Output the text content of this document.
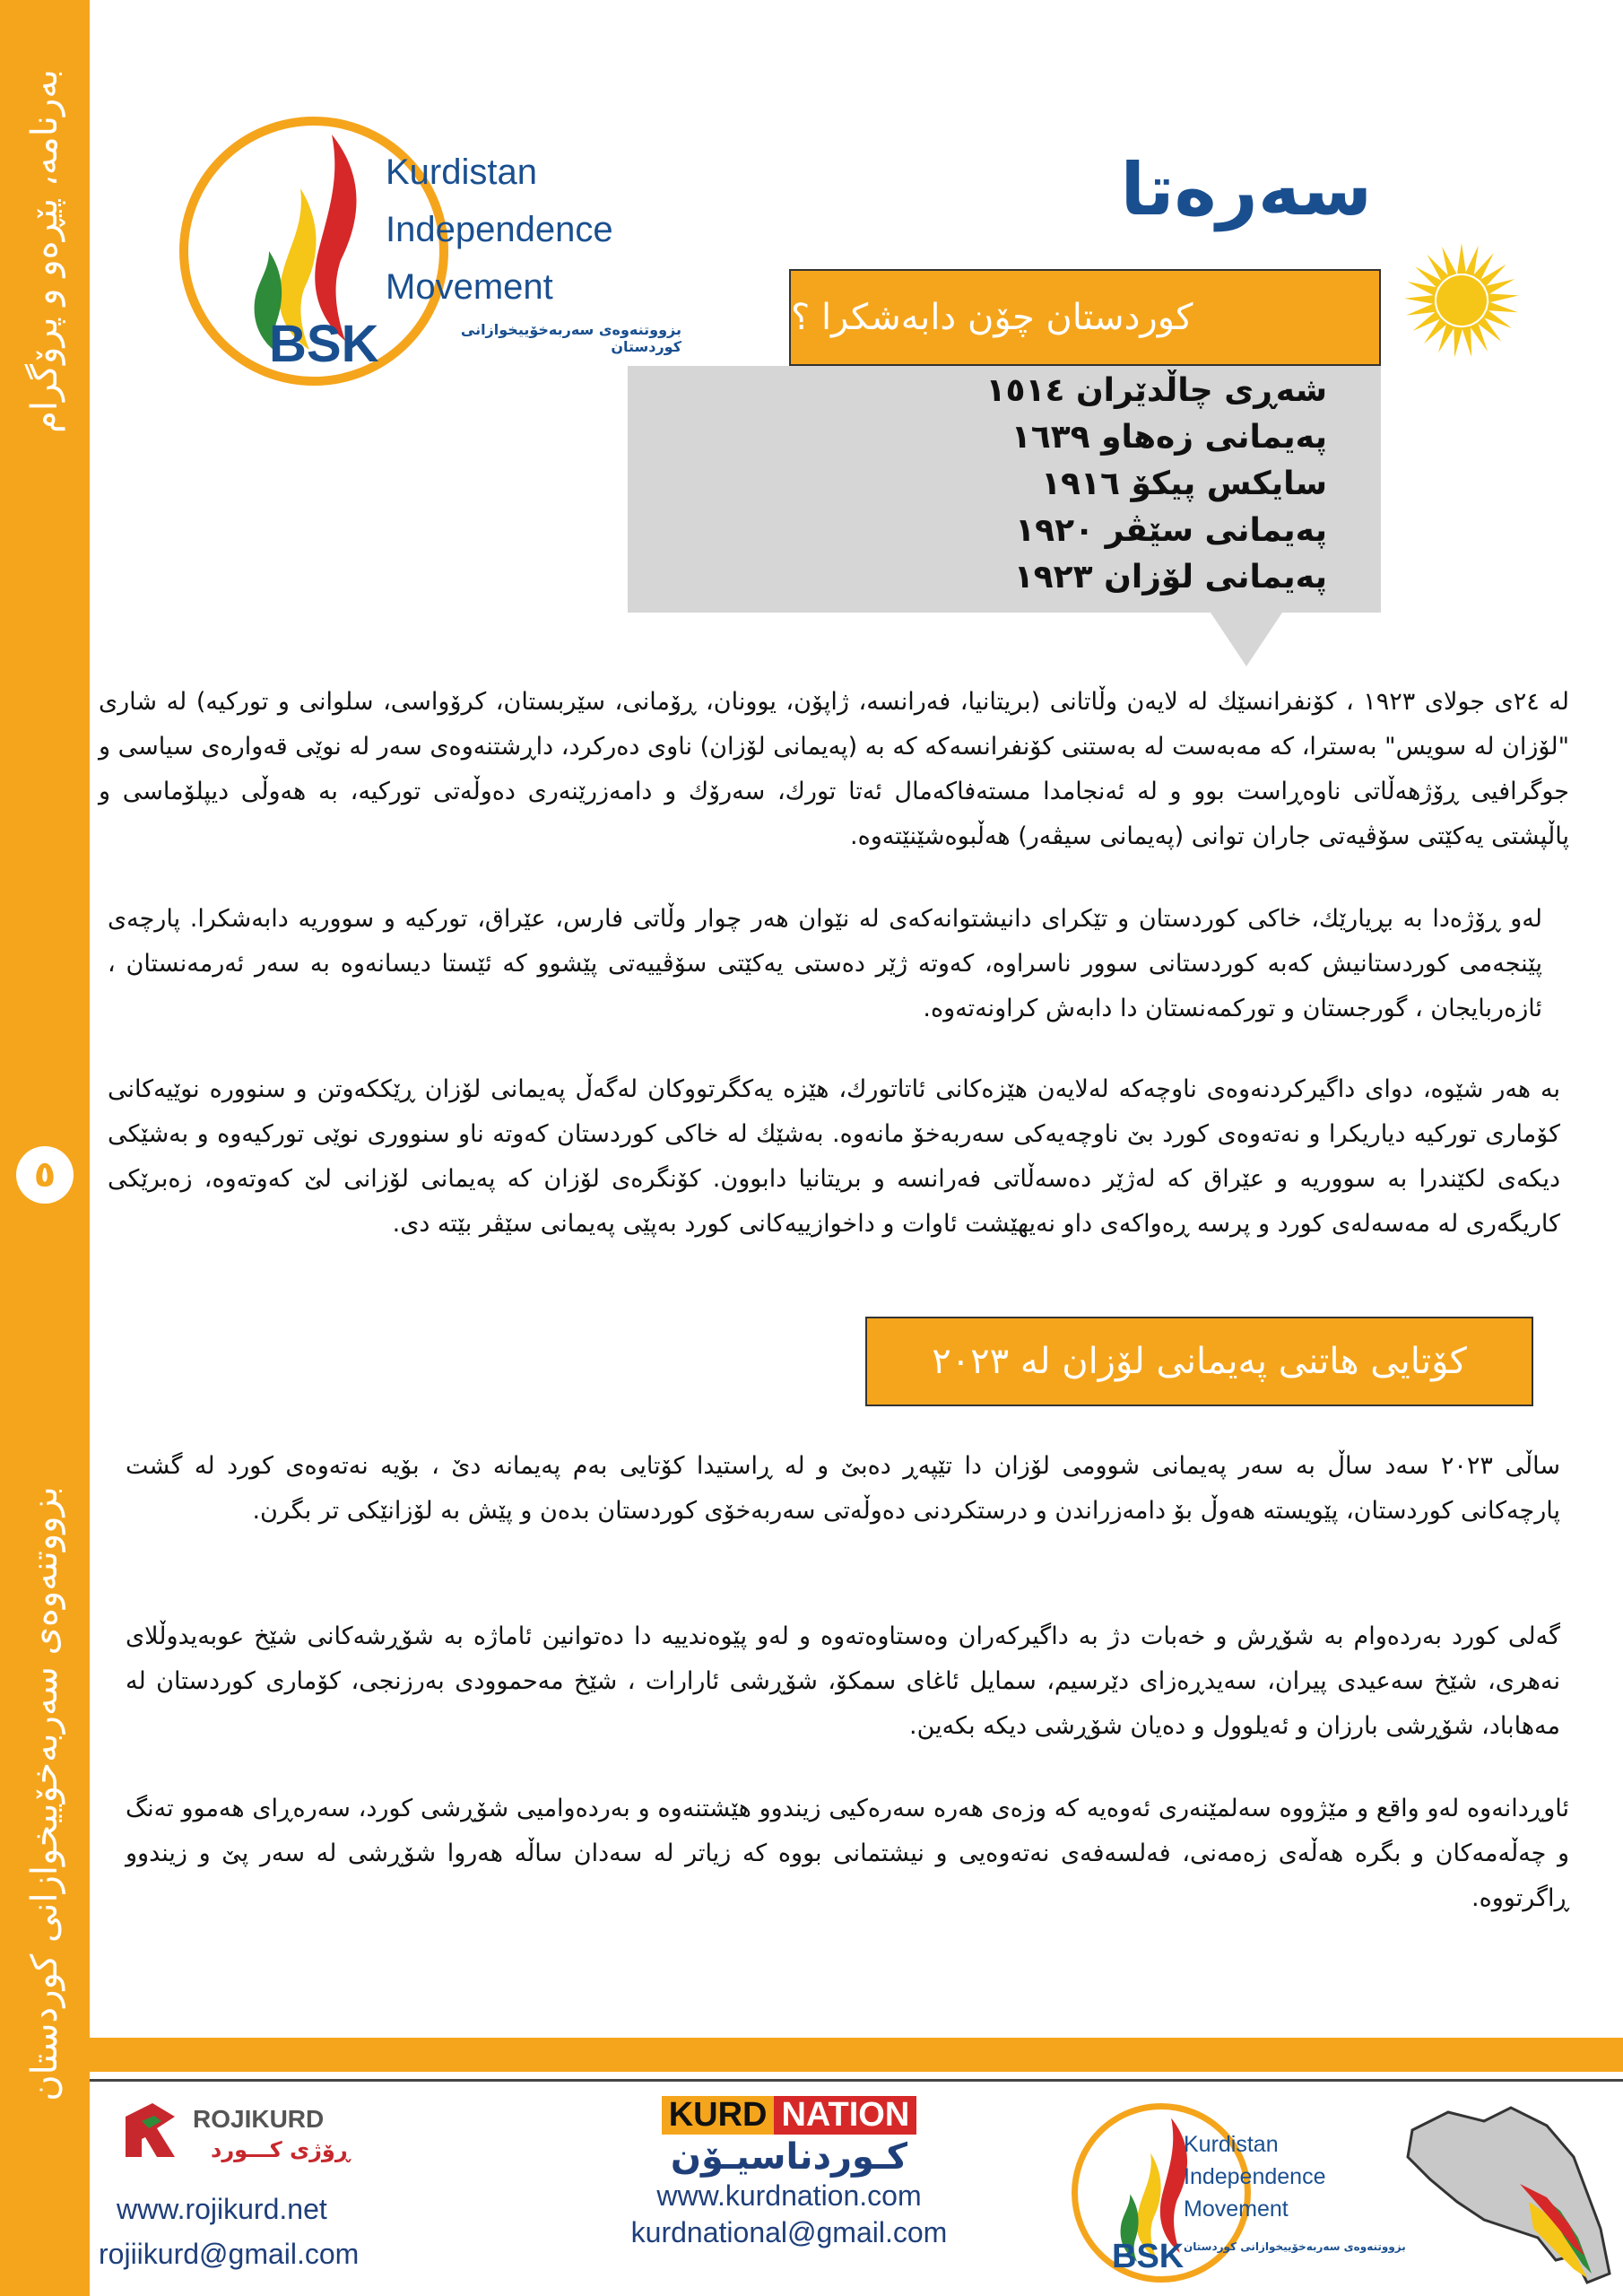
بەرنامە، پێڕەو و پرۆگرام
٥
بزووتنەوەی سەربەخۆییخوازانی کوردستان
Kurdistan
Independence
Movement
BSK	بزووتنەوەی سەربەخۆییخوازانی کوردستان
سەرەتا
کوردستان چۆن دابەشکرا ؟
شەڕی چاڵدێران ١٥١٤
پەیمانی زەهاو ١٦٣٩
سایکس پیکۆ ١٩١٦
پەیمانی سێڤر ١٩٢٠
پەیمانی لۆزان ١٩٢٣

لە ٢٤ی جولای ١٩٢٣ ، کۆنفرانسێك لە لایەن وڵاتانی (بریتانیا، فەرانسە، ژاپۆن، یوونان، ڕۆمانی، سێربستان، کرۆواسی، سلوانی و تورکیە) لە شاری "لۆزان لە سویس" بەسترا، کە مەبەست لە بەستنی کۆنفرانسەکە کە بە (پەیمانی لۆزان) ناوی دەرکرد، داڕشتنەوەی سەر لە نوێی قەوارەی سیاسی و جوگرافیی ڕۆژهەڵاتی ناوەڕاست بوو و لە ئەنجامدا مستەفاکەمال ئەتا تورك، سەرۆك و دامەزرێنەری دەوڵەتی تورکیە، بە هەوڵی دیپلۆماسی و پاڵپشتی یەکێتی سۆڤیەتی جاران توانی (پەیمانی سیڤەر) هەڵبوەشێنێتەوە.

لەو ڕۆژەدا بە بڕیارێك، خاکی کوردستان و تێکرای دانیشتوانەکەی لە نێوان هەر چوار وڵاتی فارس، عێراق، تورکیە و سووریە دابەشکرا. پارچەی پێنجەمی کوردستانیش کەبە کوردستانی سوور ناسراوە، کەوتە ژێر دەستی یەکێتی سۆڤییەتی پێشوو کە ئێستا دیسانەوە بە سەر ئەرمەنستان ، ئازەربایجان ، گورجستان و تورکمەنستان دا دابەش کراونەتەوە.

بە هەر شێوە، دوای داگیرکردنەوەی ناوچەکە لەلایەن هێزەکانی ئاتاتورك، هێزە یەکگرتووکان لەگەڵ پەیمانی لۆزان ڕێککەوتن و سنوورە نوێیەکانی کۆماری تورکیە دیاریکرا و نەتەوەی کورد بێ ناوچەیەکی سەربەخۆ مانەوە. بەشێك لە خاکی کوردستان کەوتە ناو سنووری نوێی تورکیەوە و بەشێکی دیکەی لکێندرا بە سووریە و عێراق کە لەژێر دەسەڵاتی فەرانسە و بریتانیا دابوون. کۆنگرەی لۆزان کە پەیمانی لۆزانی لێ کەوتەوە، زەبرێکی کاریگەری لە مەسەلەی کورد و پرسە ڕەواکەی داو نەیهێشت ئاوات و داخوازییەکانی کورد بەپێی پەیمانی سێڤر بێتە دی.

کۆتایی هاتنی پەیمانی لۆزان لە ٢٠٢٣

ساڵی ٢٠٢٣ سەد ساڵ بە سەر پەیمانی شوومی لۆزان دا تێپەڕ دەبێ و لە ڕاستیدا کۆتایی بەم پەیمانە دێ ، بۆیە نەتەوەی کورد لە گشت پارچەکانی کوردستان، پێویستە هەوڵ بۆ دامەزراندن و درستکردنی دەوڵەتی سەربەخۆی کوردستان بدەن و پێش بە لۆزانێکی تر بگرن.

گەلی کورد بەردەوام بە شۆڕش و خەبات دژ بە داگیرکەران وەستاوەتەوە و لەو پێوەندییە دا دەتوانین ئاماژە بە شۆڕشەکانی شێخ عوبەیدوڵلای نەهری، شێخ سەعیدی پیران، سەیدڕەزای دێرسیم، سمایل ئاغای سمکۆ، شۆڕشی ئارارات ، شێخ مەحموودی بەرزنجی، کۆماری کوردستان لە مەهاباد، شۆڕشی بارزان و ئەیلوول و دەیان شۆڕشی دیکە بکەین.

ئاوڕدانەوە لەو واقع و مێژووە سەلمێنەری ئەوەیە کە وزەی هەرە سەرەکیی زیندوو هێشتنەوە و بەردەوامیی شۆڕشی کورد، سەرەڕای هەموو تەنگ و چەڵەمەکان و بگرە هەڵەی زەمەنی، فەلسەفەی نەتەوەیی و نیشتمانی بووە کە زیاتر لە سەدان ساڵە هەروا شۆڕشی لە سەر پێ و زیندوو ڕاگرتووە.

ROJIKURD
ڕۆژی کـــورد
www.rojikurd.net
rojiikurd@gmail.com
KURD NATION
کـوردناسیـۆن
www.kurdnation.com
kurdnational@gmail.com
Kurdistan
Independence
Movement
BSK بزووتنەوەی سەربەخۆییخوازانی کوردستان
